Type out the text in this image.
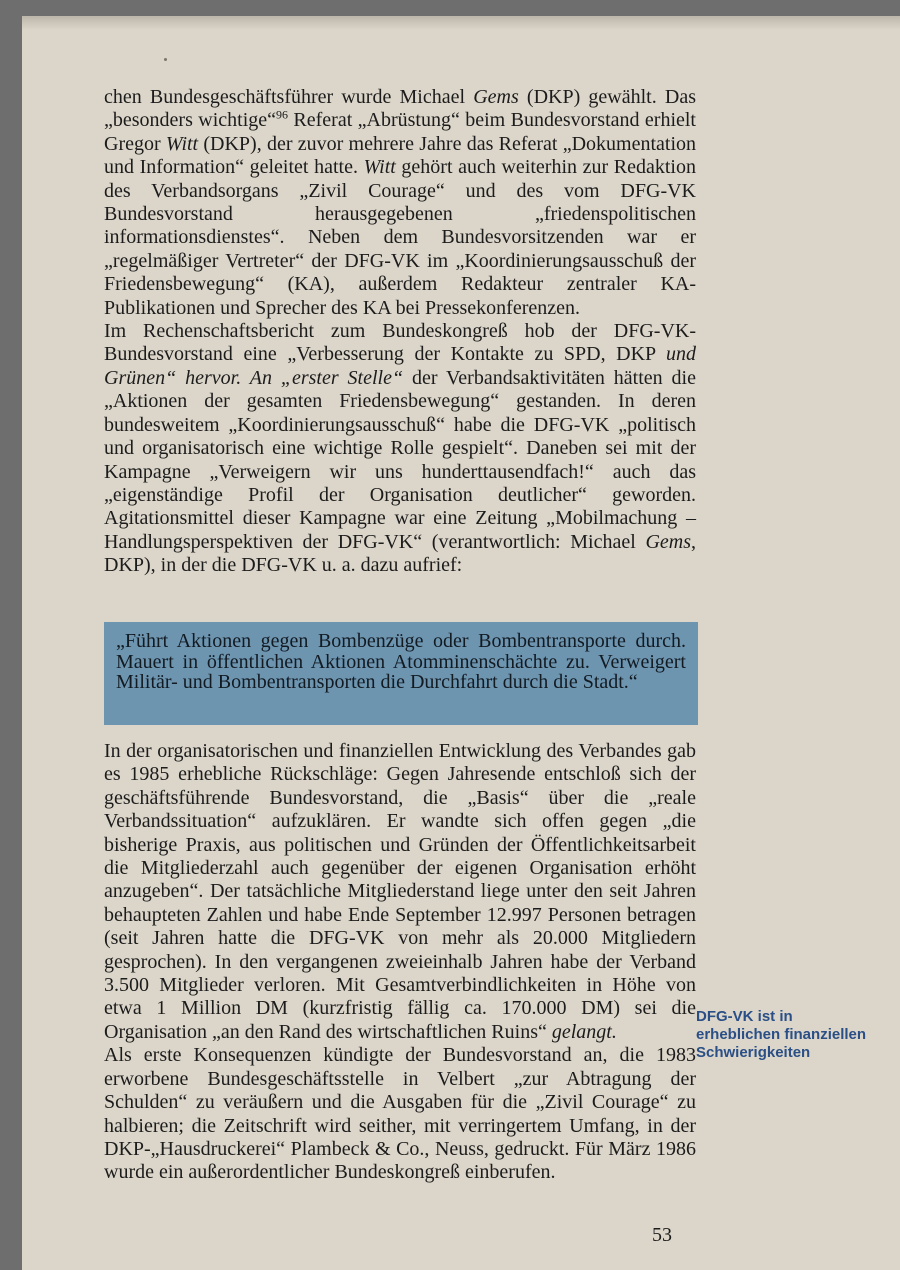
chen Bundesgeschäftsführer wurde Michael Gems (DKP) gewählt. Das „besonders wichtige“$^{96}$ Referat „Abrüstung“ beim Bundesvorstand erhielt Gregor Witt (DKP), der zuvor mehrere Jahre das Referat „Dokumentation und Information“ geleitet hatte. Witt gehört auch weiterhin zur Redaktion des Verbandsorgans „Zivil Courage“ und des vom DFG-VK Bundesvorstand herausgegebenen „friedenspolitischen informationsdienstes“. Neben dem Bundesvorsitzenden war er „regelmäßiger Vertreter“ der DFG-VK im „Koordinierungsausschuß der Friedensbewegung“ (KA), außerdem Redakteur zentraler KA-Publikationen und Sprecher des KA bei Pressekonferenzen.

Im Rechenschaftsbericht zum Bundeskongreß hob der DFG-VK-Bundesvorstand eine „Verbesserung der Kontakte zu SPD, DKP und Grünen“ hervor. An „erster Stelle“ der Verbandsaktivitäten hätten die „Aktionen der gesamten Friedensbewegung“ gestanden. In deren bundesweitem „Koordinierungsausschuß“ habe die DFG-VK „politisch und organisatorisch eine wichtige Rolle gespielt“. Daneben sei mit der Kampagne „Verweigern wir uns hunderttausendfach!“ auch das „eigenständige Profil der Organisation deutlicher“ geworden. Agitationsmittel dieser Kampagne war eine Zeitung „Mobilmachung – Handlungsperspektiven der DFG-VK“ (verantwortlich: Michael Gems, DKP), in der die DFG-VK u. a. dazu aufrief:

„Führt Aktionen gegen Bombenzüge oder Bombentransporte durch. Mauert in öffentlichen Aktionen Atomminenschächte zu. Verweigert Militär- und Bombentransporten die Durchfahrt durch die Stadt.“

In der organisatorischen und finanziellen Entwicklung des Verbandes gab es 1985 erhebliche Rückschläge: Gegen Jahresende entschloß sich der geschäftsführende Bundesvorstand, die „Basis“ über die „reale Verbandssituation“ aufzuklären. Er wandte sich offen gegen „die bisherige Praxis, aus politischen und Gründen der Öffentlichkeitsarbeit die Mitgliederzahl auch gegenüber der eigenen Organisation erhöht anzugeben“. Der tatsächliche Mitgliederstand liege unter den seit Jahren behaupteten Zahlen und habe Ende September 12.997 Personen betragen (seit Jahren hatte die DFG-VK von mehr als 20.000 Mitgliedern gesprochen). In den vergangenen zweieinhalb Jahren habe der Verband 3.500 Mitglieder verloren. Mit Gesamtverbindlichkeiten in Höhe von etwa 1 Million DM (kurzfristig fällig ca. 170.000 DM) sei die Organisation „an den Rand des wirtschaftlichen Ruins“ gelangt.

Als erste Konsequenzen kündigte der Bundesvorstand an, die 1983 erworbene Bundesgeschäftsstelle in Velbert „zur Abtragung der Schulden“ zu veräußern und die Ausgaben für die „Zivil Courage“ zu halbieren; die Zeitschrift wird seither, mit verringertem Umfang, in der DKP-„Hausdruckerei“ Plambeck & Co., Neuss, gedruckt. Für März 1986 wurde ein außerordentlicher Bundeskongreß einberufen.

DFG-VK ist in erheblichen finanziellen Schwierigkeiten
53
